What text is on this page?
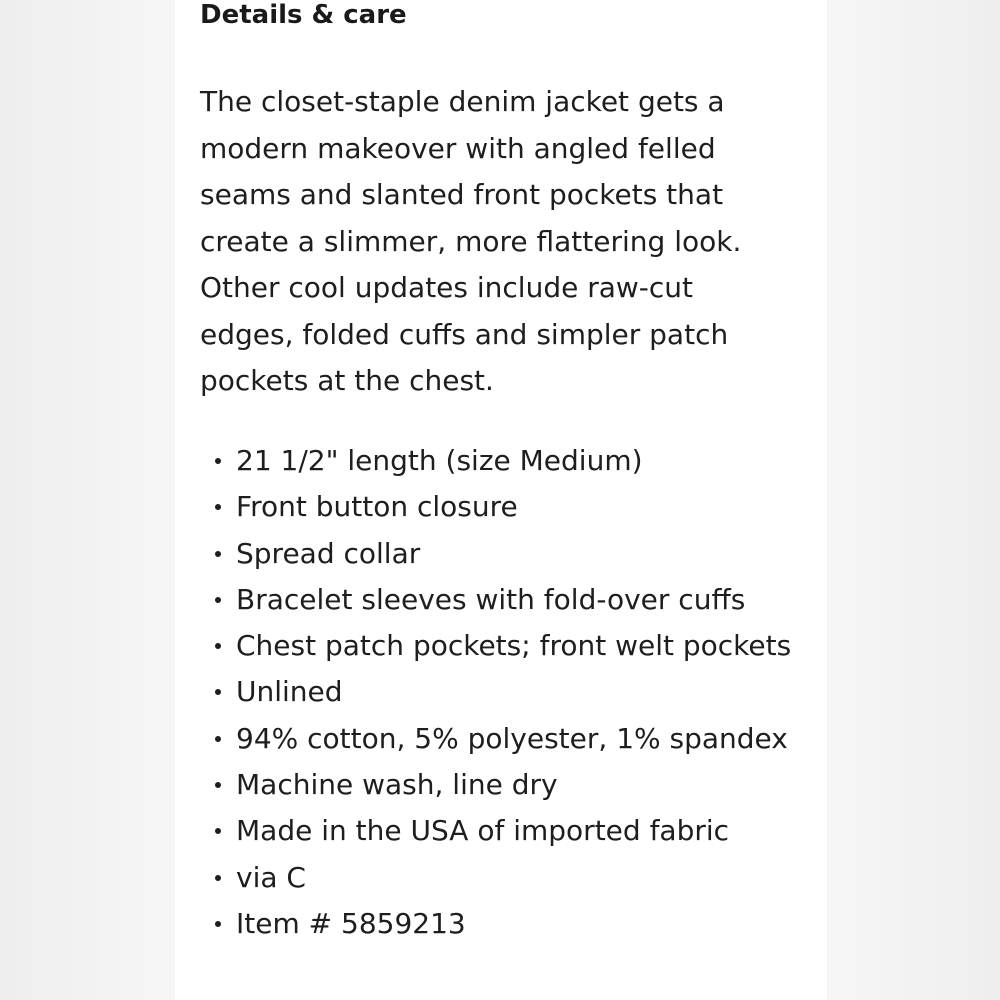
Details & care

The closet-staple denim jacket gets a modern makeover with angled felled seams and slanted front pockets that create a slimmer, more flattering look. Other cool updates include raw-cut edges, folded cuffs and simpler patch pockets at the chest.

21 1/2" length (size Medium)
Front button closure
Spread collar
Bracelet sleeves with fold-over cuffs
Chest patch pockets; front welt pockets
Unlined
94% cotton, 5% polyester, 1% spandex
Machine wash, line dry
Made in the USA of imported fabric
via C
Item # 5859213
